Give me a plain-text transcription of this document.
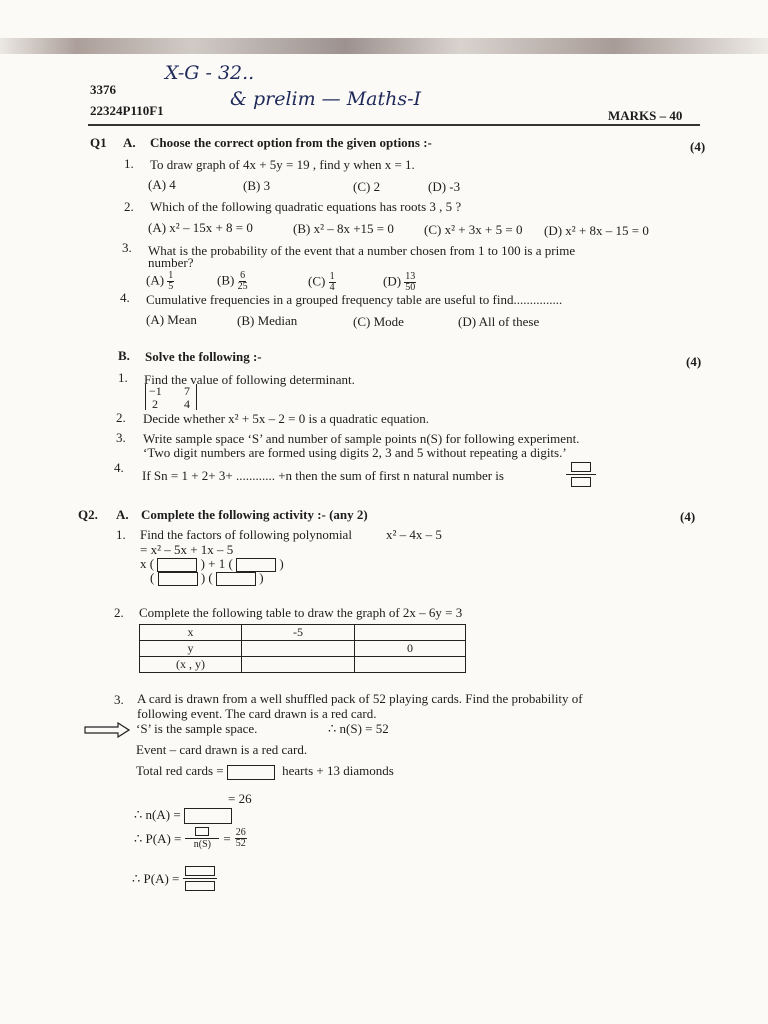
3376
22324P110F1
X-G - 32..
& prelim — Maths-I
MARKS – 40
Q1 A. Choose the correct option from the given options :-	(4)
1. To draw graph of 4x + 5y = 19 , find y when x = 1.
(A) 4	(B) 3	(C) 2	(D) -3
2. Which of the following quadratic equations has roots 3 , 5 ?
(A) x² – 15x + 8 = 0	(B) x² – 8x +15 = 0 (C) x² + 3x + 5 = 0 (D) x² + 8x – 15 = 0
3. What is the probability of the event that a number chosen from 1 to 100 is a prime
number?
$(A) \frac{1}{5}$	$(B) \frac{6}{25}$	$(C) \frac{1}{4}$	$(D) \frac{13}{50}$
4. Cumulative frequencies in a grouped frequency table are useful to find...............
(A) Mean	(B) Median	(C) Mode	(D) All of these
B. Solve the following :-	(4)
1. Find the value of following determinant.
−1 7
2 4
2. Decide whether x² + 5x – 2 = 0 is a quadratic equation.
3. Write sample space ‘S’ and number of sample points n(S) for following experiment.
‘Two digit numbers are formed using digits 2, 3 and 5 without repeating a digits.’
4.
If Sn = 1 + 2+ 3+ ............ +n then the sum of first n natural number is
Q2. A. Complete the following activity :- (any 2)	(4)
1. Find the factors of following polynomial	x² – 4x – 5
= x² – 5x + 1x – 5
x (	) + 1 (	)
(	) (	)
2. Complete the following table to draw the graph of 2x – 6y = 3
x	-5	
y		0
(x , y)		
3. A card is drawn from a well shuffled pack of 52 playing cards. Find the probability of
following event. The card drawn is a red card.
‘S’ is the sample space.	∴ n(S) = 52
Event – card drawn is a red card.
Total red cards =	hearts + 13 diamonds
= 26
∴ n(A) =
∴ P(A) =	$n(S) = \frac{26}{52}$
∴ P(A) =
